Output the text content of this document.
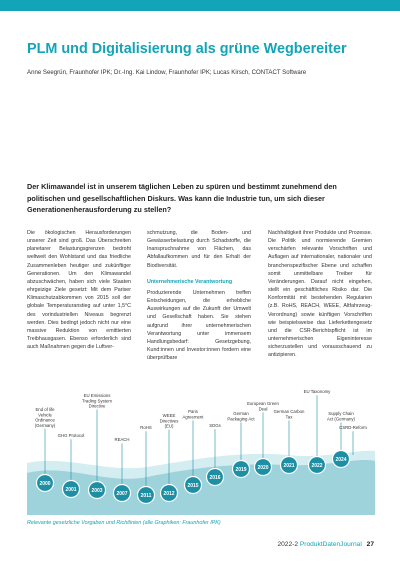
PLM und Digitalisierung als grüne Wegbereiter
Anne Seegrün, Fraunhofer IPK; Dr.-Ing. Kai Lindow, Fraunhofer IPK; Lucas Kirsch, CONTACT Software
Der Klimawandel ist in unserem täglichen Leben zu spüren und bestimmt zunehmend den politischen und gesellschaftlichen Diskurs. Was kann die Industrie tun, um sich dieser Generationenherausforderung zu stellen?

Die ökologischen Herausforderungen unserer Zeit sind groß. Das Überschreiten planetarer Belastungsgrenzen bedroht weltweit den Wohlstand und das friedliche Zusammenleben heutiger und zukünftiger Generationen. Um den Klimawandel abzuschwächen, haben sich viele Staaten ehrgeizige Ziele gesetzt: Mit dem Pariser Klimaschutzabkommen von 2015 soll der globale Temperaturanstieg auf unter 1,5°C des vorindustriellen Niveaus begrenzt werden. Dies bedingt jedoch nicht nur eine massive Reduktion von emittierten Treibhausgasen. Ebenso erforderlich sind auch Maßnahmen gegen die Luftver-

schmutzung, die Boden- und Gewässerbelastung durch Schadstoffe, die Inanspruchnahme von Flächen, das Abfallaufkommen und für den Erhalt der Biodiversität.

Unternehmerische Verantwortung

Produzierende Unternehmen treffen Entscheidungen, die erhebliche Auswirkungen auf die Zukunft der Umwelt und Gesellschaft haben. Sie stehen aufgrund ihrer unternehmerischen Verantwortung unter immensem Handlungsbedarf: Gesetzgebung, Kund:innen und Investor:innen fordern eine überprüfbare

Nachhaltigkeit ihrer Produkte und Prozesse. Die Politik und normierende Gremien verschärfen relevante Vorschriften und Auflagen auf internationaler, nationaler und branchenspezifischer Ebene und schaffen somit unmittelbare Treiber für Veränderungen. Darauf nicht eingehen, stellt ein geschäftliches Risiko dar. Die Konformität mit bestehenden Regularien (z.B. RoHS, REACH, WEEE, Altfahrzeug-Verordnung) sowie künftigen Vorschriften wie beispielsweise das Lieferkettengesetz und die CSR-Berichtspflicht ist im unternehmerischen Eigeninteresse sicherzustellen und vorausschauend zu antizipieren.

2000
End of life Vehicle Ordinance (Germany)
2001
GHG Protocol
2003
EU Emissions Trading System Directive
2007
REACH
2011
RoHS
2012
WEEE Directives (EU)
2015
Paris Agreement
2016
SDGs
2019
German Packaging Act
2020
European Green Deal
2021
German Carbon Tax
2022
EU Taxonomy
2024
Supply Chain Act (Germany)
CSRD-Reform
Relevante gesetzliche Vorgaben und Richtlinien (alle Graphiken: Fraunhofer IPK)
2022-2 ProduktDatenJournal 27
